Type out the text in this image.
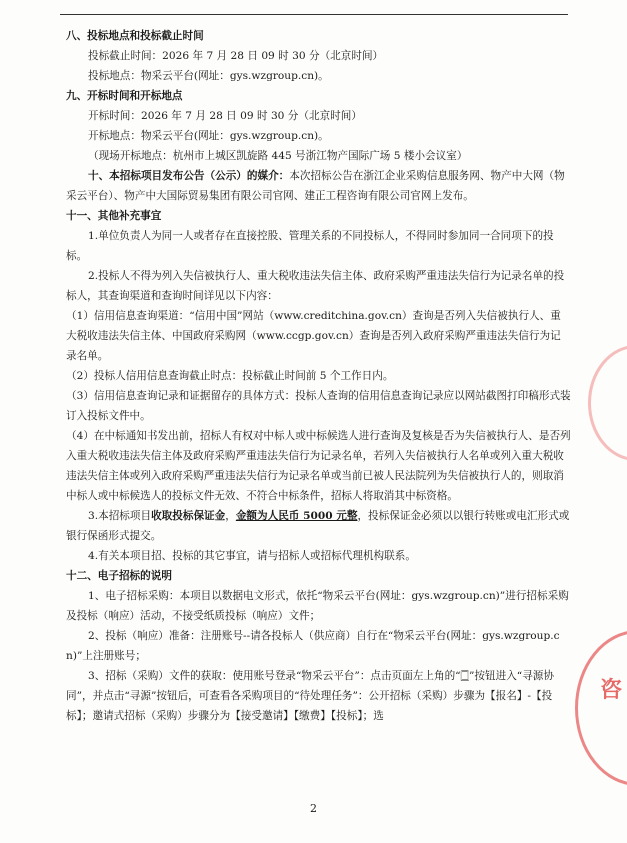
八、投标地点和投标截止时间

投标截止时间：2026 年 7 月 28 日 09 时 30 分（北京时间）

投标地点：物采云平台(网址：gys.wzgroup.cn)。

九、开标时间和开标地点

开标时间：2026 年 7 月 28 日 09 时 30 分（北京时间）

开标地点：物采云平台(网址：gys.wzgroup.cn)。

（现场开标地点：杭州市上城区凯旋路 445 号浙江物产国际广场 5 楼小会议室）

十、本招标项目发布公告（公示）的媒介：本次招标公告在浙江企业采购信息服务网、物产中大网（物采云平台）、物产中大国际贸易集团有限公司官网、建正工程咨询有限公司官网上发布。

十一、其他补充事宜

1.单位负责人为同一人或者存在直接控股、管理关系的不同投标人，不得同时参加同一合同项下的投标。

2.投标人不得为列入失信被执行人、重大税收违法失信主体、政府采购严重违法失信行为记录名单的投标人，其查询渠道和查询时间详见以下内容：

（1）信用信息查询渠道：“信用中国”网站（www.creditchina.gov.cn）查询是否列入失信被执行人、重大税收违法失信主体、中国政府采购网（www.ccgp.gov.cn）查询是否列入政府采购严重违法失信行为记录名单。

（2）投标人信用信息查询截止时点：投标截止时间前 5 个工作日内。

（3）信用信息查询记录和证据留存的具体方式：投标人查询的信用信息查询记录应以网站截图打印稿形式装订入投标文件中。

（4）在中标通知书发出前，招标人有权对中标人或中标候选人进行查询及复核是否为失信被执行人、是否列入重大税收违法失信主体及政府采购严重违法失信行为记录名单，若列入失信被执行人名单或列入重大税收违法失信主体或列入政府采购严重违法失信行为记录名单或当前已被人民法院列为失信被执行人的，则取消中标人或中标候选人的投标文件无效、不符合中标条件，招标人将取消其中标资格。

3.本招标项目收取投标保证金，金额为人民币 5000 元整，投标保证金必须以以银行转账或电汇形式或银行保函形式提交。

4.有关本项目招、投标的其它事宜，请与招标人或招标代理机构联系。

十二、电子招标的说明

1、电子招标采购：本项目以数据电文形式，依托“物采云平台(网址：gys.wzgroup.cn)”进行招标采购及投标（响应）活动，不接受纸质投标（响应）文件；

2、投标（响应）准备：注册账号--请各投标人（供应商）自行在“物采云平台(网址：gys.wzgroup.cn)”上注册账号；

3、招标（采购）文件的获取：使用账号登录“物采云平台”：点击页面左上角的“🀆”按钮进入“寻源协同”，并点击“寻源”按钮后，可查看各采购项目的“待处理任务”：公开招标（采购）步骤为【报名】-【投标】；邀请式招标（采购）步骤分为【接受邀请】【缴费】【投标】；选

2
咨
